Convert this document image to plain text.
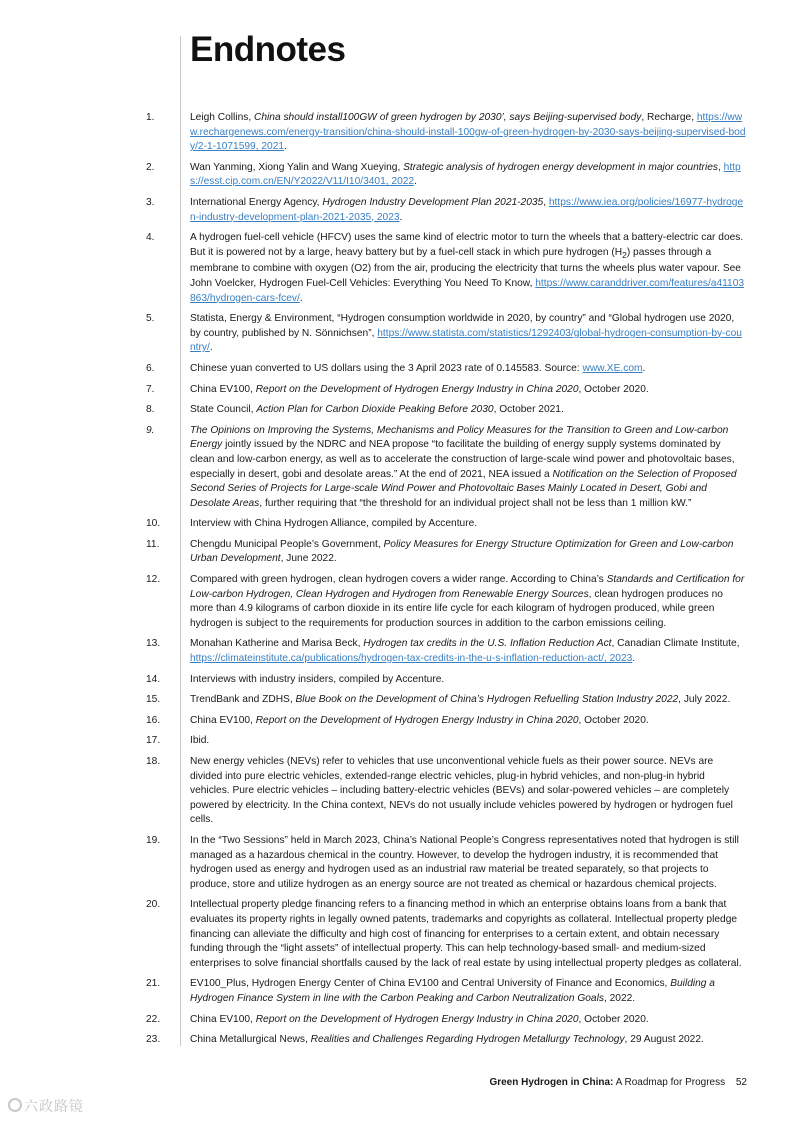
Endnotes
1.	Leigh Collins, China should install100GW of green hydrogen by 2030’, says Beijing-supervised body, Recharge, https://www.rechargenews.com/energy-transition/china-should-install-100gw-of-green-hydrogen-by-2030-says-beijing-supervised-body/2-1-1071599, 2021.
2.	Wan Yanming, Xiong Yalin and Wang Xueying, Strategic analysis of hydrogen energy development in major countries, https://esst.cip.com.cn/EN/Y2022/V11/I10/3401, 2022.
3.	International Energy Agency, Hydrogen Industry Development Plan 2021-2035, https://www.iea.org/policies/16977-hydrogen-industry-development-plan-2021-2035, 2023.
4.	A hydrogen fuel-cell vehicle (HFCV) uses the same kind of electric motor to turn the wheels that a battery-electric car does. But it is powered not by a large, heavy battery but by a fuel-cell stack in which pure hydrogen $(H_2)$ passes through a membrane to combine with oxygen (O2) from the air, producing the electricity that turns the wheels plus water vapour. See John Voelcker, Hydrogen Fuel-Cell Vehicles: Everything You Need To Know, https://www.caranddriver.com/features/a41103863/hydrogen-cars-fcev/.
5.	Statista, Energy & Environment, “Hydrogen consumption worldwide in 2020, by country” and “Global hydrogen use 2020, by country, published by N. Sönnichsen”, https://www.statista.com/statistics/1292403/global-hydrogen-consumption-by-country/.
6.	Chinese yuan converted to US dollars using the 3 April 2023 rate of 0.145583. Source: www.XE.com.
7.	China EV100, Report on the Development of Hydrogen Energy Industry in China 2020, October 2020.
8.	State Council, Action Plan for Carbon Dioxide Peaking Before 2030, October 2021.
9.	The Opinions on Improving the Systems, Mechanisms and Policy Measures for the Transition to Green and Low-carbon Energy jointly issued by the NDRC and NEA propose “to facilitate the building of energy supply systems dominated by clean and low-carbon energy, as well as to accelerate the construction of large-scale wind power and photovoltaic bases, especially in desert, gobi and desolate areas.” At the end of 2021, NEA issued a Notification on the Selection of Proposed Second Series of Projects for Large-scale Wind Power and Photovoltaic Bases Mainly Located in Desert, Gobi and Desolate Areas, further requiring that “the threshold for an individual project shall not be less than 1 million kW.”
10.	Interview with China Hydrogen Alliance, compiled by Accenture.
11.	Chengdu Municipal People’s Government, Policy Measures for Energy Structure Optimization for Green and Low-carbon Urban Development, June 2022.
12.	Compared with green hydrogen, clean hydrogen covers a wider range. According to China’s Standards and Certification for Low-carbon Hydrogen, Clean Hydrogen and Hydrogen from Renewable Energy Sources, clean hydrogen produces no more than 4.9 kilograms of carbon dioxide in its entire life cycle for each kilogram of hydrogen produced, while green hydrogen is subject to the requirements for production sources in addition to the carbon emissions ceiling.
13.	Monahan Katherine and Marisa Beck, Hydrogen tax credits in the U.S. Inflation Reduction Act, Canadian Climate Institute, https://climateinstitute.ca/publications/hydrogen-tax-credits-in-the-u-s-inflation-reduction-act/, 2023.
14.	Interviews with industry insiders, compiled by Accenture.
15.	TrendBank and ZDHS, Blue Book on the Development of China’s Hydrogen Refuelling Station Industry 2022, July 2022.
16.	China EV100, Report on the Development of Hydrogen Energy Industry in China 2020, October 2020.
17.	Ibid.
18.	New energy vehicles (NEVs) refer to vehicles that use unconventional vehicle fuels as their power source. NEVs are divided into pure electric vehicles, extended-range electric vehicles, plug-in hybrid vehicles, and non-plug-in hybrid vehicles. Pure electric vehicles – including battery-electric vehicles (BEVs) and solar-powered vehicles – are completely powered by electricity. In the China context, NEVs do not usually include vehicles powered by hydrogen or hydrogen fuel cells.
19.	In the “Two Sessions” held in March 2023, China’s National People’s Congress representatives noted that hydrogen is still managed as a hazardous chemical in the country. However, to develop the hydrogen industry, it is recommended that hydrogen used as energy and hydrogen used as an industrial raw material be treated separately, so that projects to produce, store and utilize hydrogen as an energy source are not treated as chemical or hazardous chemical projects.
20.	Intellectual property pledge financing refers to a financing method in which an enterprise obtains loans from a bank that evaluates its property rights in legally owned patents, trademarks and copyrights as collateral. Intellectual property pledge financing can alleviate the difficulty and high cost of financing for enterprises to a certain extent, and obtain necessary funding through the “light assets” of intellectual property. This can help technology-based small- and medium-sized enterprises to solve financial shortfalls caused by the lack of real estate by using intellectual property pledges as collateral.
21.	EV100_Plus, Hydrogen Energy Center of China EV100 and Central University of Finance and Economics, Building a Hydrogen Finance System in line with the Carbon Peaking and Carbon Neutralization Goals, 2022.
22.	China EV100, Report on the Development of Hydrogen Energy Industry in China 2020, October 2020.
23.	China Metallurgical News, Realities and Challenges Regarding Hydrogen Metallurgy Technology, 29 August 2022.
Green Hydrogen in China: A Roadmap for Progress 52
六政路镜
